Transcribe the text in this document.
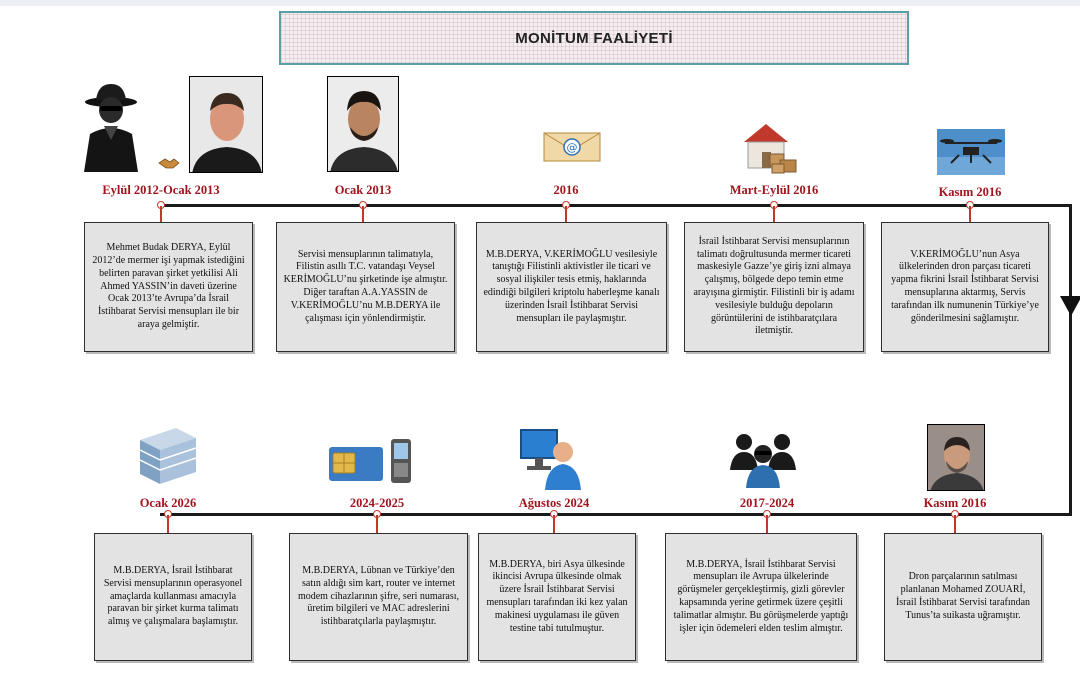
MONİTUM FAALİYETİ
@
Eylül 2012-Ocak 2013	Ocak 2013	2016	Mart-Eylül 2016	Kasım 2016
Mehmet Budak DERYA, Eylül 2012’de mermer işi yapmak istediğini belirten paravan şirket yetkilisi Ali Ahmed YASSIN’in daveti üzerine Ocak 2013’te Avrupa’da İsrail İstihbarat Servisi mensupları ile bir araya gelmiştir.
Servisi mensuplarının talimatıyla, Filistin asıllı T.C. vatandaşı Veysel KERİMOĞLU’nu şirketinde işe almıştır. Diğer taraftan A.A.YASSIN de V.KERİMOĞLU’nu M.B.DERYA ile çalışması için yönlendirmiştir.
M.B.DERYA, V.KERİMOĞLU vesilesiyle tanıştığı Filistinli aktivistler ile ticari ve sosyal ilişkiler tesis etmiş, haklarında edindiği bilgileri kriptolu haberleşme kanalı üzerinden İsrail İstihbarat Servisi mensupları ile paylaşmıştır.
İsrail İstihbarat Servisi mensuplarının talimatı doğrultusunda mermer ticareti maskesiyle Gazze’ye giriş izni almaya çalışmış, bölgede depo temin etme arayışına girmiştir. Filistinli bir iş adamı vesilesiyle bulduğu depoların görüntülerini de istihbaratçılara iletmiştir.
V.KERİMOĞLU’nun Asya ülkelerinden dron parçası ticareti yapma fikrini İsrail İstihbarat Servisi mensuplarına aktarmış, Servis tarafından ilk numunenin Türkiye’ye gönderilmesini sağlamıştır.
Ocak 2026	2024-2025	Ağustos 2024	2017-2024	Kasım 2016
M.B.DERYA, İsrail İstihbarat Servisi mensuplarının operasyonel amaçlarda kullanması amacıyla paravan bir şirket kurma talimatı almış ve çalışmalara başlamıştır.
M.B.DERYA, Lübnan ve Türkiye’den satın aldığı sim kart, router ve internet modem cihazlarının şifre, seri numarası, üretim bilgileri ve MAC adreslerini istihbaratçılarla paylaşmıştır.
M.B.DERYA, biri Asya ülkesinde ikincisi Avrupa ülkesinde olmak üzere İsrail İstihbarat Servisi mensupları tarafından iki kez yalan makinesi uygulaması ile güven testine tabi tutulmuştur.
M.B.DERYA, İsrail İstihbarat Servisi mensupları ile Avrupa ülkelerinde görüşmeler gerçekleştirmiş, gizli görevler kapsamında yerine getirmek üzere çeşitli talimatlar almıştır. Bu görüşmelerde yaptığı işler için ödemeleri elden teslim almıştır.
Dron parçalarının satılması planlanan Mohamed ZOUARİ, İsrail İstihbarat Servisi tarafından Tunus’ta suikasta uğramıştır.
